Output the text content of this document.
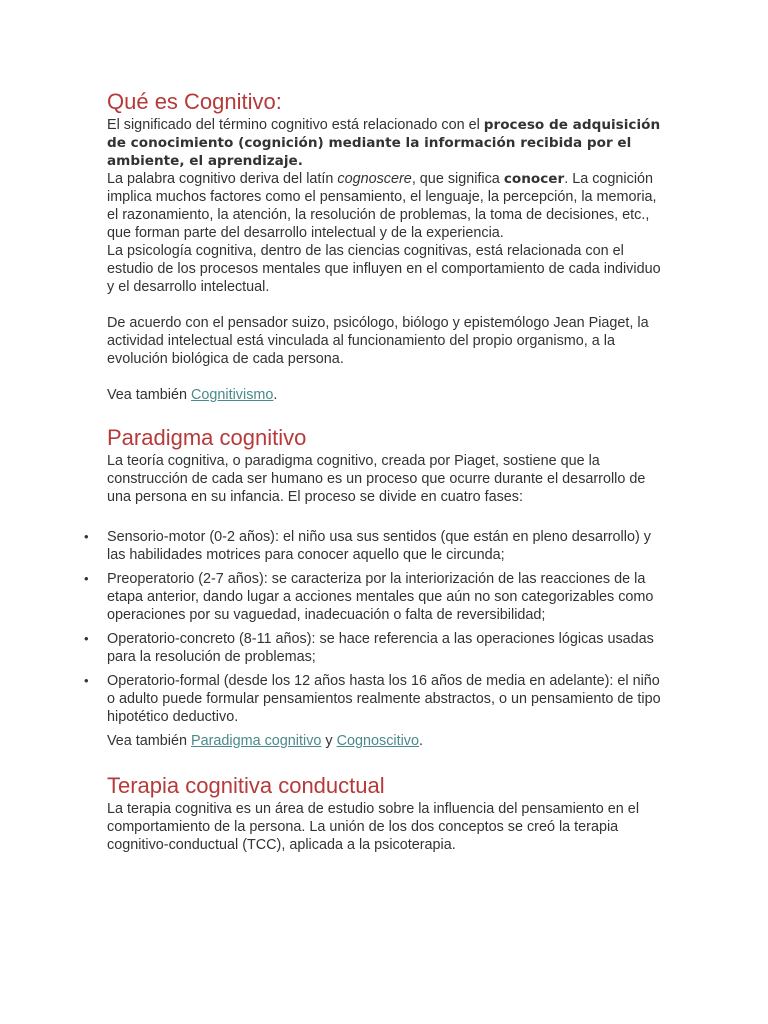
Qué es Cognitivo:

El significado del término cognitivo está relacionado con el proceso de adquisición de conocimiento (cognición) mediante la información recibida por el ambiente, el aprendizaje.

La palabra cognitivo deriva del latín cognoscere, que significa conocer. La cognición implica muchos factores como el pensamiento, el lenguaje, la percepción, la memoria, el razonamiento, la atención, la resolución de problemas, la toma de decisiones, etc., que forman parte del desarrollo intelectual y de la experiencia.

La psicología cognitiva, dentro de las ciencias cognitivas, está relacionada con el estudio de los procesos mentales que influyen en el comportamiento de cada individuo y el desarrollo intelectual.

De acuerdo con el pensador suizo, psicólogo, biólogo y epistemólogo Jean Piaget, la actividad intelectual está vinculada al funcionamiento del propio organismo, a la evolución biológica de cada persona.

Vea también Cognitivismo.

Paradigma cognitivo

La teoría cognitiva, o paradigma cognitivo, creada por Piaget, sostiene que la construcción de cada ser humano es un proceso que ocurre durante el desarrollo de una persona en su infancia. El proceso se divide en cuatro fases:

• Sensorio-motor (0-2 años): el niño usa sus sentidos (que están en pleno desarrollo) y las habilidades motrices para conocer aquello que le circunda;
• Preoperatorio (2-7 años): se caracteriza por la interiorización de las reacciones de la etapa anterior, dando lugar a acciones mentales que aún no son categorizables como operaciones por su vaguedad, inadecuación o falta de reversibilidad;
• Operatorio-concreto (8-11 años): se hace referencia a las operaciones lógicas usadas para la resolución de problemas;
• Operatorio-formal (desde los 12 años hasta los 16 años de media en adelante): el niño o adulto puede formular pensamientos realmente abstractos, o un pensamiento de tipo hipotético deductivo.

Vea también Paradigma cognitivo y Cognoscitivo.

Terapia cognitiva conductual

La terapia cognitiva es un área de estudio sobre la influencia del pensamiento en el comportamiento de la persona. La unión de los dos conceptos se creó la terapia cognitivo-conductual (TCC), aplicada a la psicoterapia.
